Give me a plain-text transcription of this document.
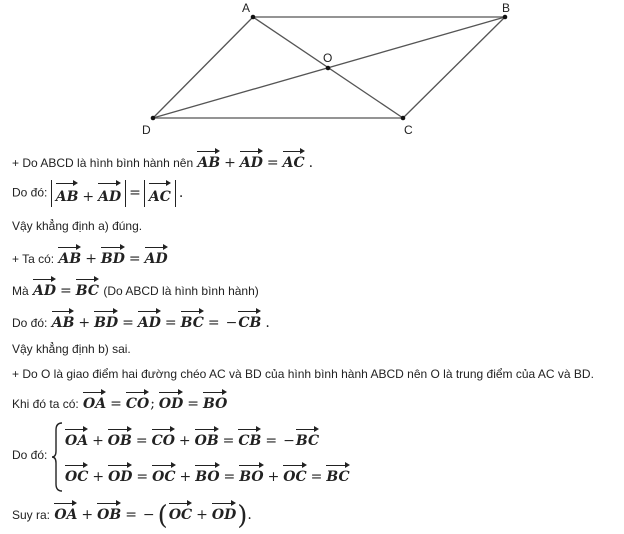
A	B
C
D
O
+ Do ABCD là hình bình hành nên AB + AD = AC .
Do đó: AB + AD = AC .
Vậy khẳng định a) đúng.
+ Ta có: AB + BD = AD
Mà AD = BC (Do ABCD là hình bình hành)
Do đó: AB + BD = AD = BC = −CB .
Vậy khẳng định b) sai.
+ Do O là giao điểm hai đường chéo AC và BD của hình bình hành ABCD nên O là trung điểm của AC và BD.
Khi đó ta có: OA = CO; OD = BO
Do đó:
OA + OB = CO + OB = CB = −BC
OC + OD = OC + BO = BO + OC = BC
Suy ra: OA + OB = − (OC + OD).
